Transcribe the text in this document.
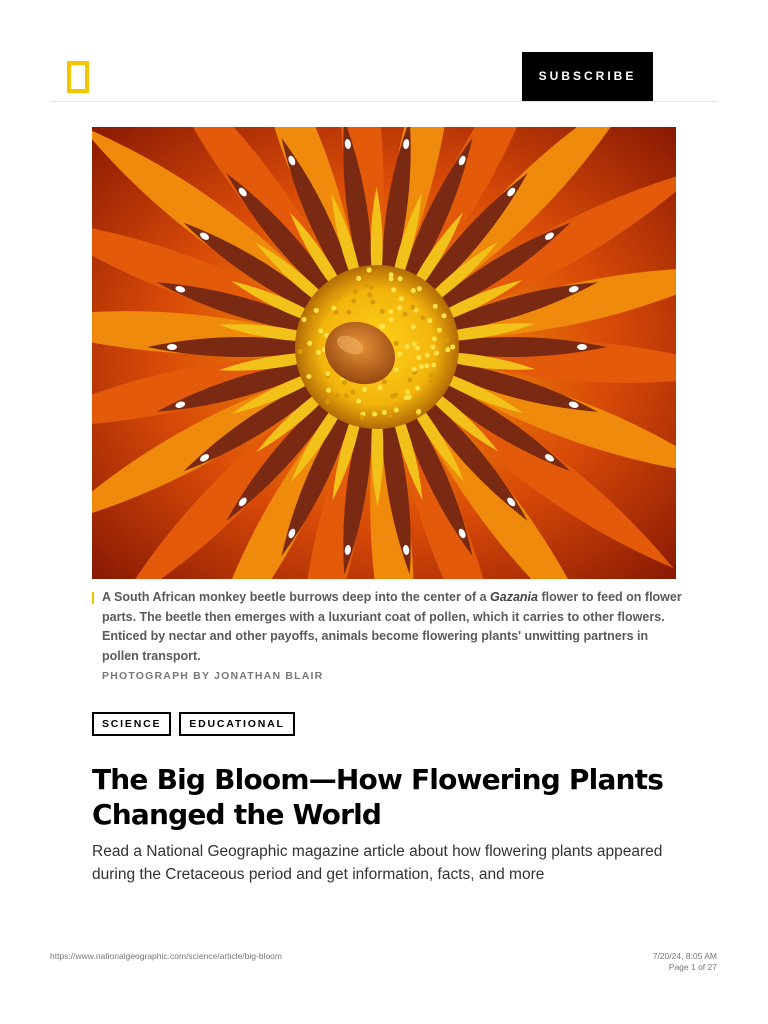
SUBSCRIBE
A South African monkey beetle burrows deep into the center of a Gazania flower to feed on flower parts. The beetle then emerges with a luxuriant coat of pollen, which it carries to other flowers. Enticed by nectar and other payoffs, animals become flowering plants' unwitting partners in pollen transport.
PHOTOGRAPH BY JONATHAN BLAIR
SCIENCE	EDUCATIONAL
The Big Bloom—How Flowering Plants Changed the World

Read a National Geographic magazine article about how flowering plants appeared during the Cretaceous period and get information, facts, and more

https://www.nationalgeographic.com/science/article/big-bloom	7/20/24, 8:05 AM
Page 1 of 27
